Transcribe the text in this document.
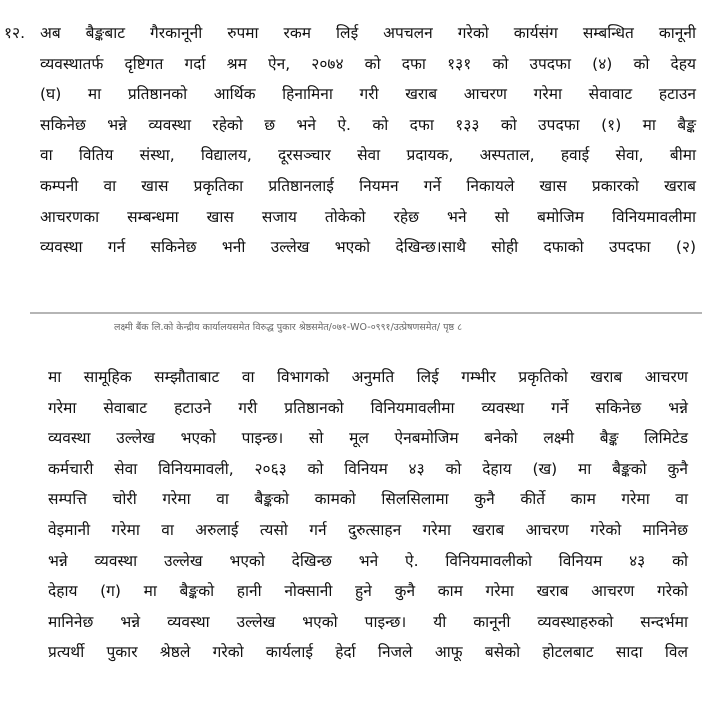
१२. अब बैङ्कबाट गैरकानूनी रुपमा रकम लिई अपचलन गरेको कार्यसंग सम्बन्धित कानूनी
व्यवस्थातर्फ दृष्टिगत गर्दा श्रम ऐन, २०७४ को दफा १३१ को उपदफा (४) को देहय
(घ) मा प्रतिष्ठानको आर्थिक हिनामिना गरी खराब आचरण गरेमा सेवावाट हटाउन
सकिनेछ भन्ने व्यवस्था रहेको छ भने ऐ. को दफा १३३ को उपदफा (१) मा बैङ्क
वा वितिय संस्था, विद्यालय, दूरसञ्चार सेवा प्रदायक, अस्पताल, हवाई सेवा, बीमा
कम्पनी वा खास प्रकृतिका प्रतिष्ठानलाई नियमन गर्ने निकायले खास प्रकारको खराब
आचरणका सम्बन्धमा खास सजाय तोकेको रहेछ भने सो बमोजिम विनियमावलीमा
व्यवस्था गर्न सकिनेछ भनी उल्लेख भएको देखिन्छ।साथै सोही दफाको उपदफा (२)
लक्ष्मी बैंक लि.को केन्द्रीय कार्यालयसमेत विरुद्ध पुकार श्रेष्ठसमेत/०७१-WO-०९९१/उत्प्रेषणसमेत/ पृष्ठ ८
मा सामूहिक सम्झौताबाट वा विभागको अनुमति लिई गम्भीर प्रकृतिको खराब आचरण
गरेमा सेवाबाट हटाउने गरी प्रतिष्ठानको विनियमावलीमा व्यवस्था गर्ने सकिनेछ भन्ने
व्यवस्था उल्लेख भएको पाइन्छ। सो मूल ऐनबमोजिम बनेको लक्ष्मी बैङ्क लिमिटेड
कर्मचारी सेवा विनियमावली, २०६३ को विनियम ४३ को देहाय (ख) मा बैङ्कको कुनै
सम्पत्ति चोरी गरेमा वा बैङ्कको कामको सिलसिलामा कुनै कीर्ते काम गरेमा वा
वेइमानी गरेमा वा अरुलाई त्यसो गर्न दुरुत्साहन गरेमा खराब आचरण गरेको मानिनेछ
भन्ने व्यवस्था उल्लेख भएको देखिन्छ भने ऐ. विनियमावलीको विनियम ४३ को
देहाय (ग) मा बैङ्कको हानी नोक्सानी हुने कुनै काम गरेमा खराब आचरण गरेको
मानिनेछ भन्ने व्यवस्था उल्लेख भएको पाइन्छ। यी कानूनी व्यवस्थाहरुको सन्दर्भमा
प्रत्यर्थी पुकार श्रेष्ठले गरेको कार्यलाई हेर्दा निजले आफू बसेको होटलबाट सादा विल
